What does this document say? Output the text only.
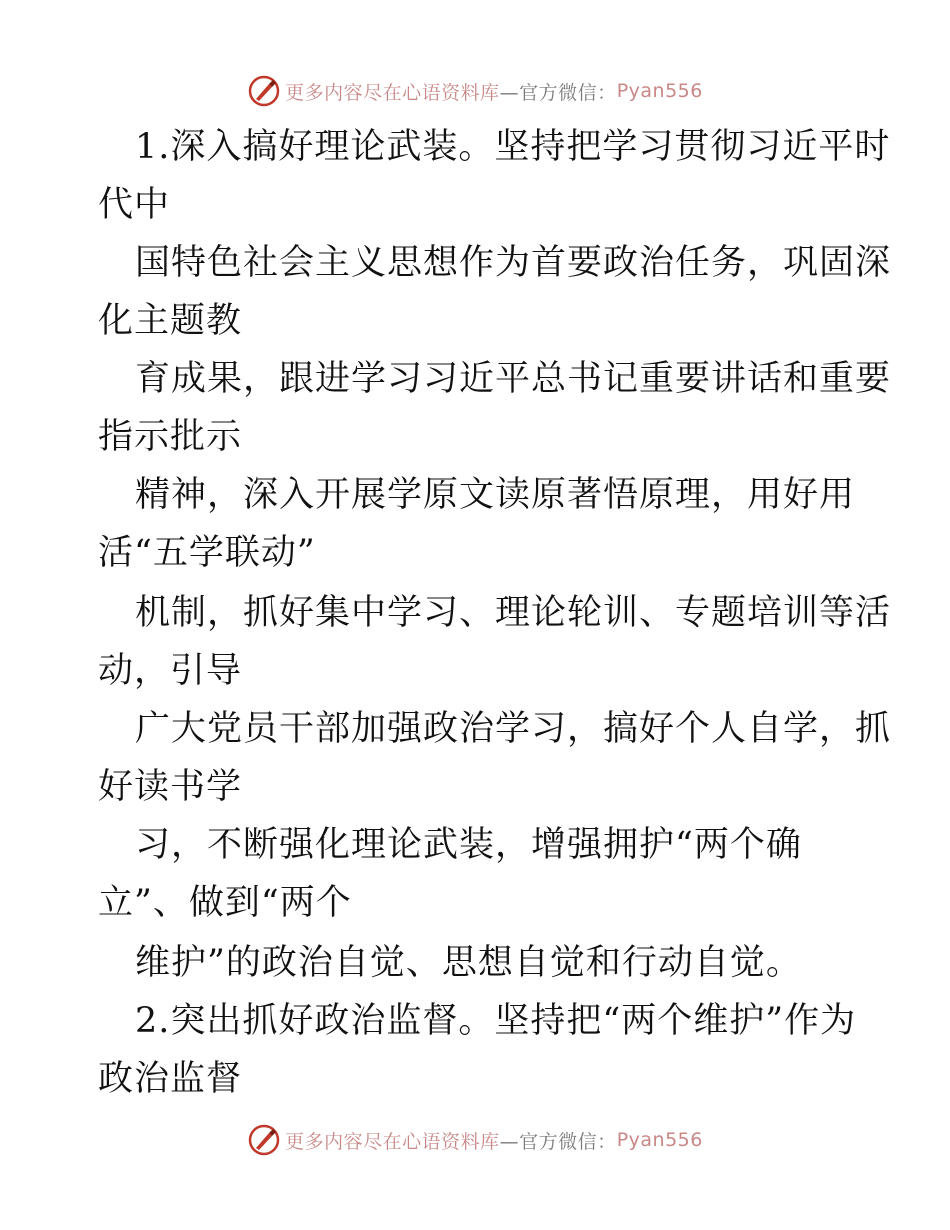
更多内容尽在心语资料库 —官方微信： Pyan556
1.深入搞好理论武装。坚持把学习贯彻习近平时
代中
国特色社会主义思想作为首要政治任务，巩固深
化主题教
育成果，跟进学习习近平总书记重要讲话和重要
指示批示
精神，深入开展学原文读原著悟原理，用好用
活“五学联动”
机制，抓好集中学习、理论轮训、专题培训等活
动，引导
广大党员干部加强政治学习，搞好个人自学，抓
好读书学
习，不断强化理论武装，增强拥护“两个确
立”、做到“两个
维护”的政治自觉、思想自觉和行动自觉。
2.突出抓好政治监督。坚持把“两个维护”作为
政治监督
更多内容尽在心语资料库 —官方微信： Pyan556
